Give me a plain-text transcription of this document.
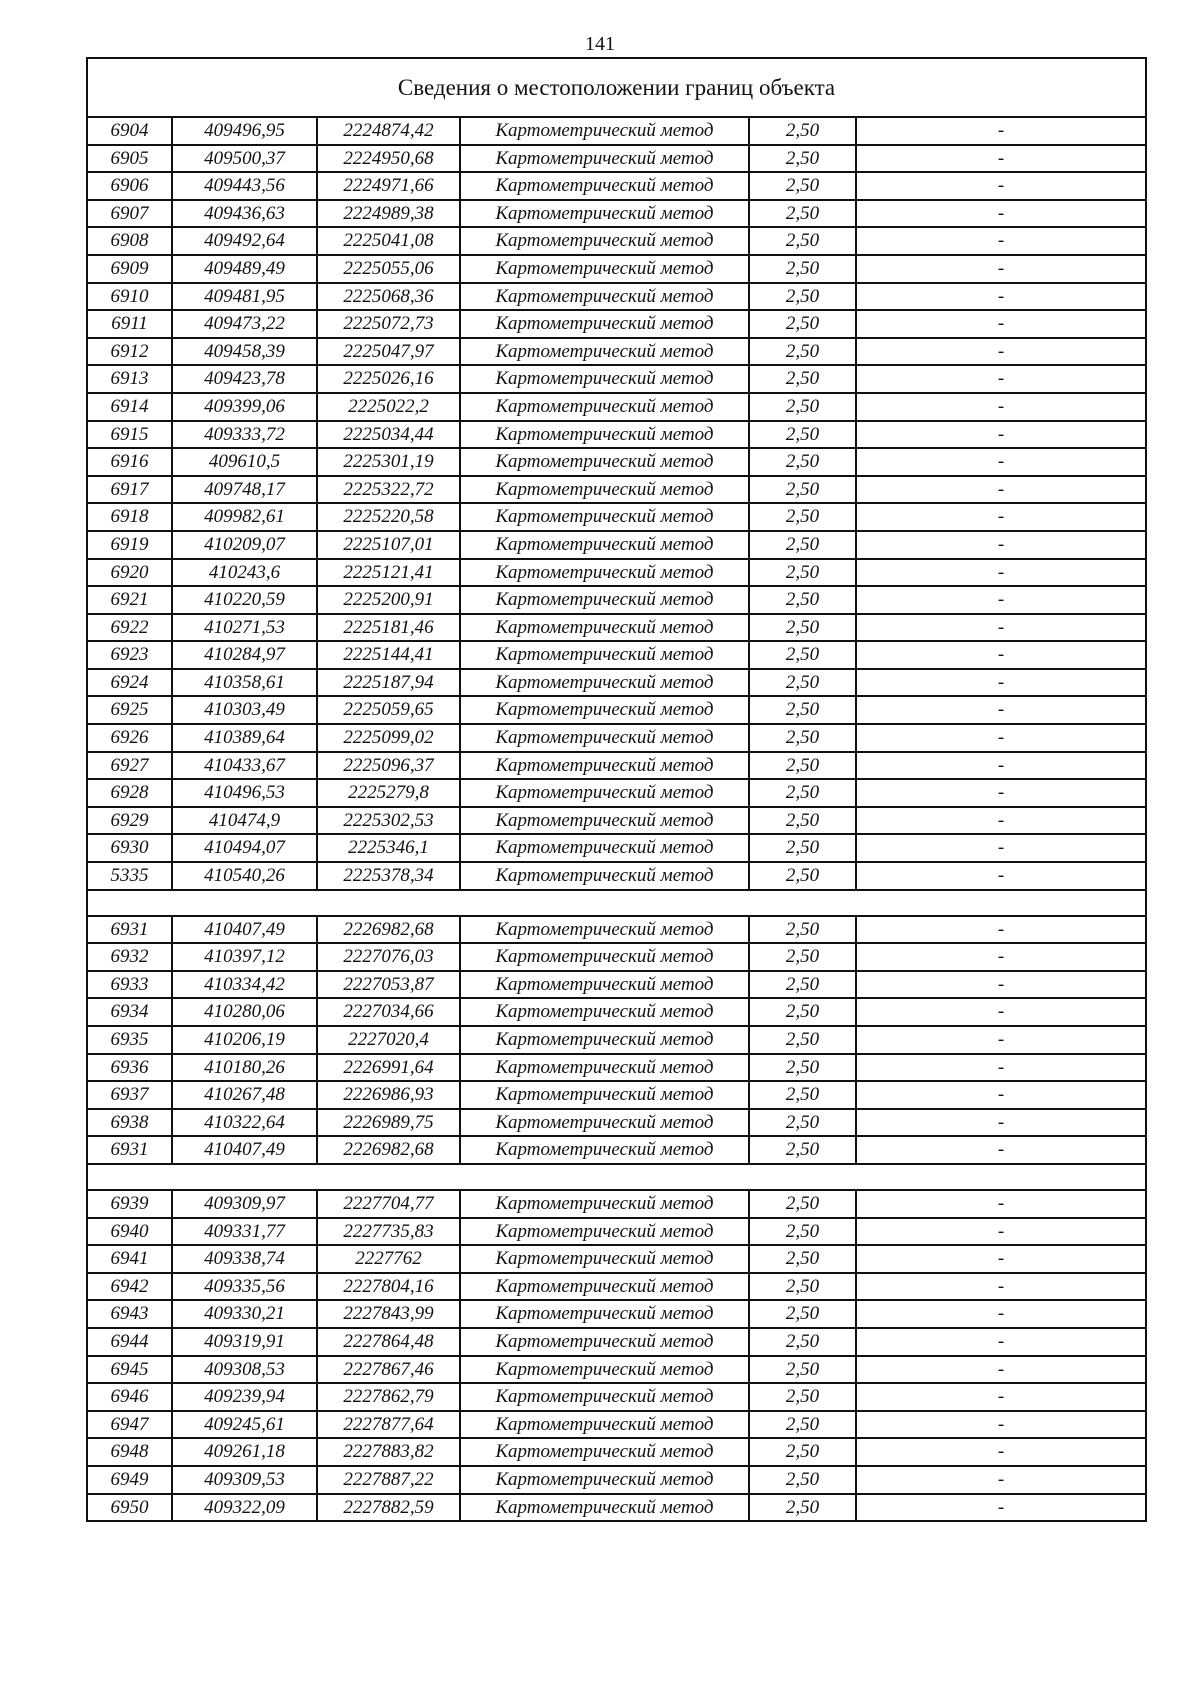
141
Сведения о местоположении границ объекта					
6904	409496,95	2224874,42	Картометрический метод	2,50	-
6905	409500,37	2224950,68	Картометрический метод	2,50	-
6906	409443,56	2224971,66	Картометрический метод	2,50	-
6907	409436,63	2224989,38	Картометрический метод	2,50	-
6908	409492,64	2225041,08	Картометрический метод	2,50	-
6909	409489,49	2225055,06	Картометрический метод	2,50	-
6910	409481,95	2225068,36	Картометрический метод	2,50	-
6911	409473,22	2225072,73	Картометрический метод	2,50	-
6912	409458,39	2225047,97	Картометрический метод	2,50	-
6913	409423,78	2225026,16	Картометрический метод	2,50	-
6914	409399,06	2225022,2	Картометрический метод	2,50	-
6915	409333,72	2225034,44	Картометрический метод	2,50	-
6916	409610,5	2225301,19	Картометрический метод	2,50	-
6917	409748,17	2225322,72	Картометрический метод	2,50	-
6918	409982,61	2225220,58	Картометрический метод	2,50	-
6919	410209,07	2225107,01	Картометрический метод	2,50	-
6920	410243,6	2225121,41	Картометрический метод	2,50	-
6921	410220,59	2225200,91	Картометрический метод	2,50	-
6922	410271,53	2225181,46	Картометрический метод	2,50	-
6923	410284,97	2225144,41	Картометрический метод	2,50	-
6924	410358,61	2225187,94	Картометрический метод	2,50	-
6925	410303,49	2225059,65	Картометрический метод	2,50	-
6926	410389,64	2225099,02	Картометрический метод	2,50	-
6927	410433,67	2225096,37	Картометрический метод	2,50	-
6928	410496,53	2225279,8	Картометрический метод	2,50	-
6929	410474,9	2225302,53	Картометрический метод	2,50	-
6930	410494,07	2225346,1	Картометрический метод	2,50	-
5335	410540,26	2225378,34	Картометрический метод	2,50	-

6931	410407,49	2226982,68	Картометрический метод	2,50	-
6932	410397,12	2227076,03	Картометрический метод	2,50	-
6933	410334,42	2227053,87	Картометрический метод	2,50	-
6934	410280,06	2227034,66	Картометрический метод	2,50	-
6935	410206,19	2227020,4	Картометрический метод	2,50	-
6936	410180,26	2226991,64	Картометрический метод	2,50	-
6937	410267,48	2226986,93	Картометрический метод	2,50	-
6938	410322,64	2226989,75	Картометрический метод	2,50	-
6931	410407,49	2226982,68	Картометрический метод	2,50	-

6939	409309,97	2227704,77	Картометрический метод	2,50	-
6940	409331,77	2227735,83	Картометрический метод	2,50	-
6941	409338,74	2227762	Картометрический метод	2,50	-
6942	409335,56	2227804,16	Картометрический метод	2,50	-
6943	409330,21	2227843,99	Картометрический метод	2,50	-
6944	409319,91	2227864,48	Картометрический метод	2,50	-
6945	409308,53	2227867,46	Картометрический метод	2,50	-
6946	409239,94	2227862,79	Картометрический метод	2,50	-
6947	409245,61	2227877,64	Картометрический метод	2,50	-
6948	409261,18	2227883,82	Картометрический метод	2,50	-
6949	409309,53	2227887,22	Картометрический метод	2,50	-
6950	409322,09	2227882,59	Картометрический метод	2,50	-
